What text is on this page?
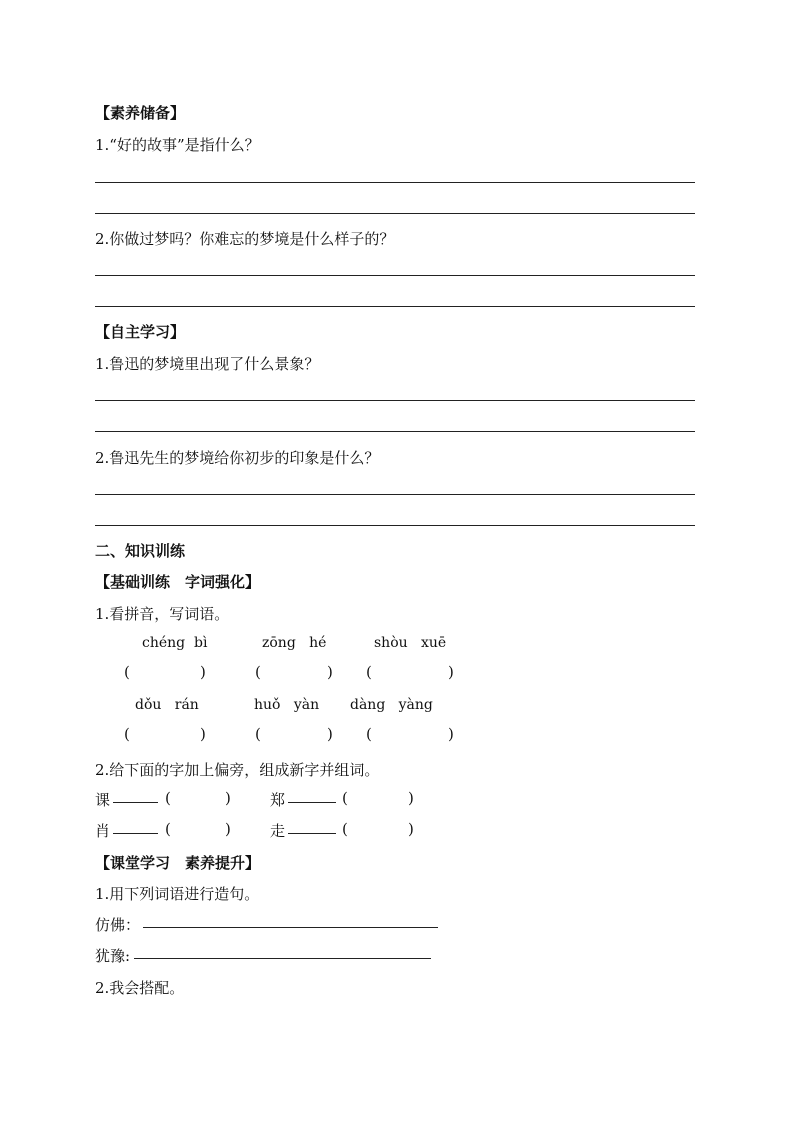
【素养储备】
1.“好的故事”是指什么？
2.你做过梦吗？你难忘的梦境是什么样子的？
【自主学习】
1.鲁迅的梦境里出现了什么景象？
2.鲁迅先生的梦境给你初步的印象是什么？
二、知识训练
【基础训练　字词强化】
1.看拼音，写词语。
chéng  bì	zōng   hé	shòu   xuē
(	)	(	) (	)
dǒu   rán	huǒ   yàn dàng   yàng
(	)	(	) (	)
2.给下面的字加上偏旁，组成新字并组词。
课	(	)	郑	(	)
肖	(	)	走	(	)
【课堂学习　素养提升】
1.用下列词语进行造句。
仿佛：
犹豫:
2.我会搭配。
